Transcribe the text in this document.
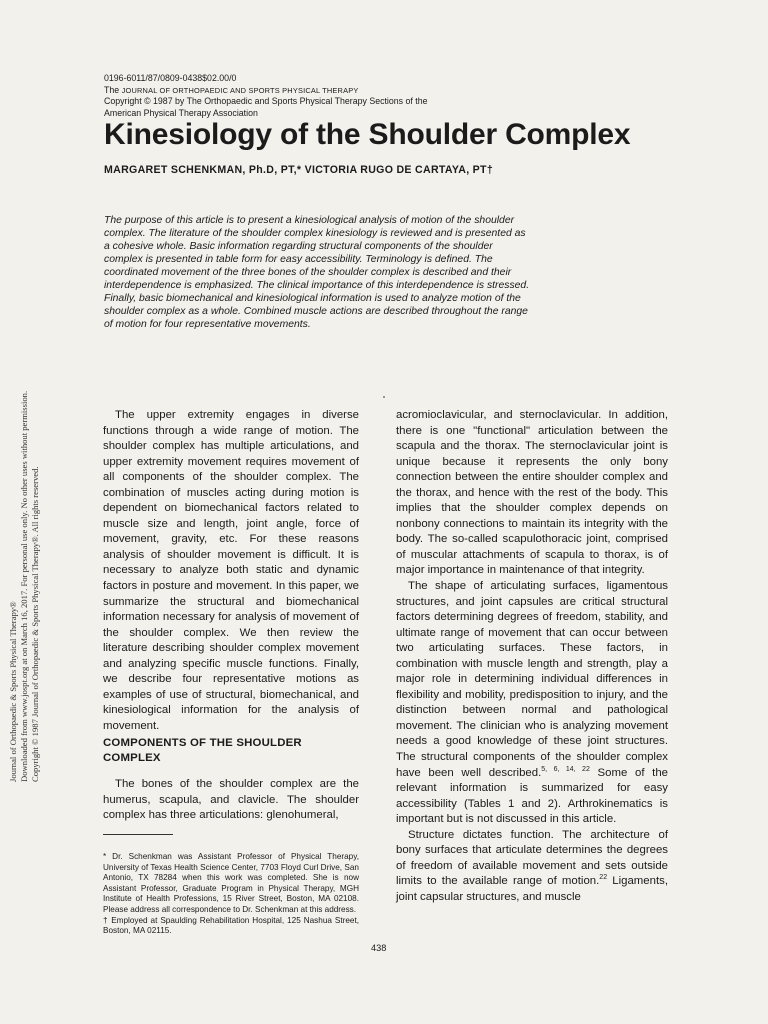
Journal of Orthopaedic & Sports Physical Therapy® Downloaded from www.jospt.org at on March 16, 2017. For personal use only. No other uses without permission. Copyright © 1987 Journal of Orthopaedic & Sports Physical Therapy®. All rights reserved.
0196-6011/87/0809-0438$02.00/0
The JOURNAL OF ORTHOPAEDIC AND SPORTS PHYSICAL THERAPY
Copyright © 1987 by The Orthopaedic and Sports Physical Therapy Sections of the
American Physical Therapy Association
Kinesiology of the Shoulder Complex
MARGARET SCHENKMAN, Ph.D, PT,* VICTORIA RUGO DE CARTAYA, PT†
The purpose of this article is to present a kinesiological analysis of motion of the shoulder complex. The literature of the shoulder complex kinesiology is reviewed and is presented as a cohesive whole. Basic information regarding structural components of the shoulder complex is presented in table form for easy accessibility. Terminology is defined. The coordinated movement of the three bones of the shoulder complex is described and their interdependence is emphasized. The clinical importance of this interdependence is stressed. Finally, basic biomechanical and kinesiological information is used to analyze motion of the shoulder complex as a whole. Combined muscle actions are described throughout the range of motion for four representative movements.

The upper extremity engages in diverse functions through a wide range of motion. The shoulder complex has multiple articulations, and upper extremity movement requires movement of all components of the shoulder complex. The combination of muscles acting during motion is dependent on biomechanical factors related to muscle size and length, joint angle, force of movement, gravity, etc. For these reasons analysis of shoulder movement is difficult. It is necessary to analyze both static and dynamic factors in posture and movement. In this paper, we summarize the structural and biomechanical information necessary for analysis of movement of the shoulder complex. We then review the literature describing shoulder complex movement and analyzing specific muscle functions. Finally, we describe four representative motions as examples of use of structural, biomechanical, and kinesiological information for the analysis of movement.

COMPONENTS OF THE SHOULDER COMPLEX

The bones of the shoulder complex are the humerus, scapula, and clavicle. The shoulder complex has three articulations: glenohumeral,

* Dr. Schenkman was Assistant Professor of Physical Therapy, University of Texas Health Science Center, 7703 Floyd Curl Drive, San Antonio, TX 78284 when this work was completed. She is now Assistant Professor, Graduate Program in Physical Therapy, MGH Institute of Health Professions, 15 River Street, Boston, MA 02108. Please address all correspondence to Dr. Schenkman at this address.
† Employed at Spaulding Rehabilitation Hospital, 125 Nashua Street, Boston, MA 02115.

acromioclavicular, and sternoclavicular. In addition, there is one "functional" articulation between the scapula and the thorax. The sternoclavicular joint is unique because it represents the only bony connection between the entire shoulder complex and the thorax, and hence with the rest of the body. This implies that the shoulder complex depends on nonbony connections to maintain its integrity with the body. The so-called scapulothoracic joint, comprised of muscular attachments of scapula to thorax, is of major importance in maintenance of that integrity.

The shape of articulating surfaces, ligamentous structures, and joint capsules are critical structural factors determining degrees of freedom, stability, and ultimate range of movement that can occur between two articulating surfaces. These factors, in combination with muscle length and strength, play a major role in determining individual differences in flexibility and mobility, predisposition to injury, and the distinction between normal and pathological movement. The clinician who is analyzing movement needs a good knowledge of these joint structures. The structural components of the shoulder complex have been well described.$^{5, 6, 14, 22}$ Some of the relevant information is summarized for easy accessibility (Tables 1 and 2). Arthrokinematics is important but is not discussed in this article.

Structure dictates function. The architecture of bony surfaces that articulate determines the degrees of freedom of available movement and sets outside limits to the available range of motion.$^{22}$ Ligaments, joint capsular structures, and muscle

438
